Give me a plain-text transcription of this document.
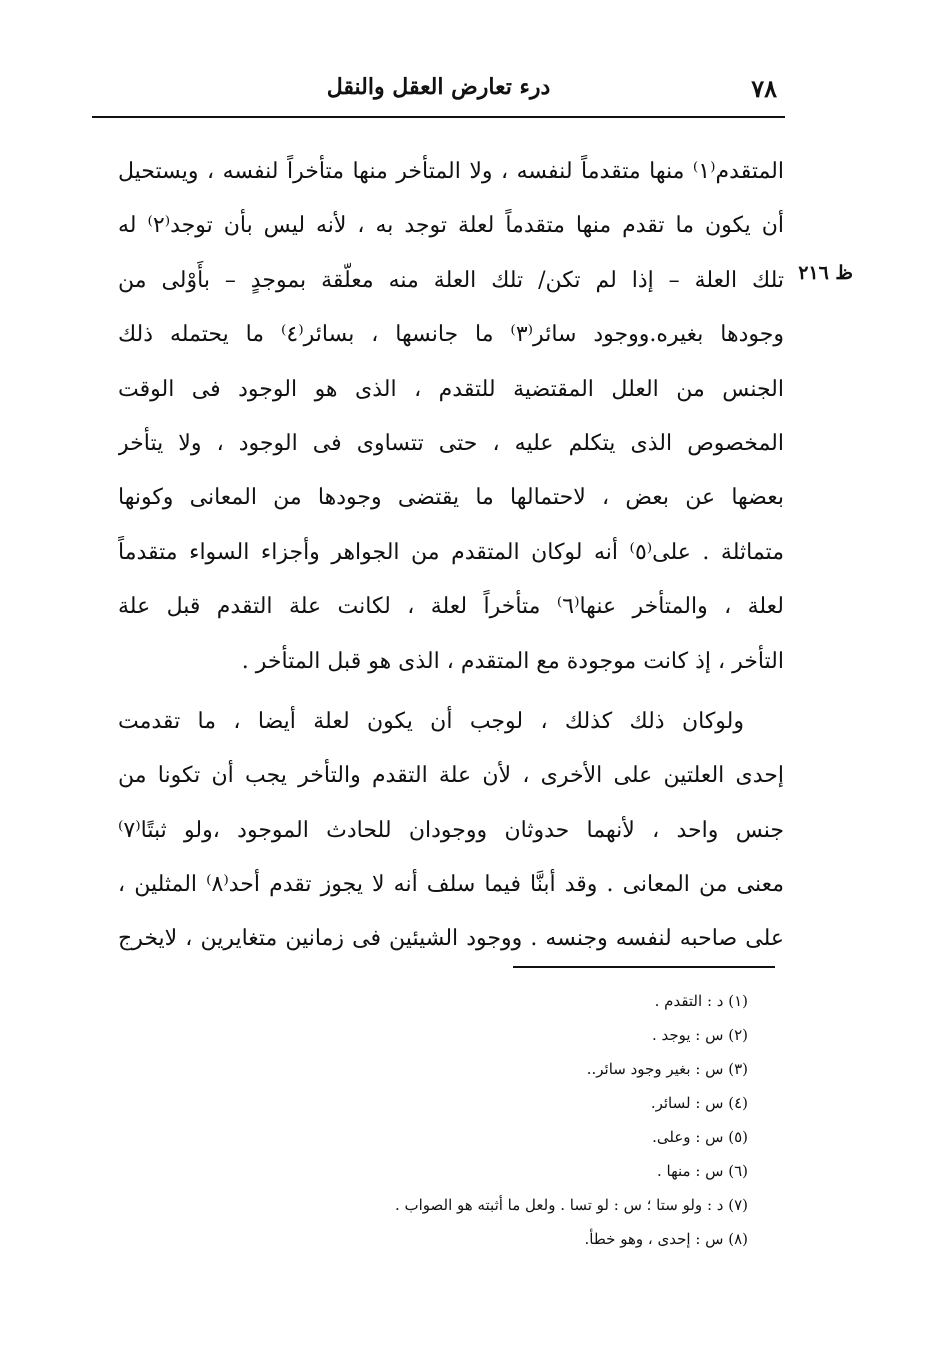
٧٨
درء تعارض العقل والنقل
ظ ٢١٦
المتقدم⁽١⁾ منها متقدماً لنفسه ، ولا المتأخر منها متأخراً لنفسه ، ويستحيل
أن يكون ما تقدم منها متقدماً لعلة توجد به ، لأنه ليس بأن توجد⁽٢⁾ له
تلك العلة – إذا لم تكن/ تلك العلة منه معلّقة بموجدٍ – بأَوْلى من
وجودها بغيره.ووجود سائر⁽٣⁾ ما جانسها ، بسائر⁽٤⁾ ما يحتمله ذلك
الجنس من العلل المقتضية للتقدم ، الذى هو الوجود فى الوقت
المخصوص الذى يتكلم عليه ، حتى تتساوى فى الوجود ، ولا يتأخر
بعضها عن بعض ، لاحتمالها ما يقتضى وجودها من المعانى وكونها
متماثلة . على⁽٥⁾ أنه لوكان المتقدم من الجواهر وأجزاء السواء متقدماً
لعلة ، والمتأخر عنها⁽٦⁾ متأخراً لعلة ، لكانت علة التقدم قبل علة
التأخر ، إذ كانت موجودة مع المتقدم ، الذى هو قبل المتأخر .
ولوكان ذلك كذلك ، لوجب أن يكون لعلة أيضا ، ما تقدمت
إحدى العلتين على الأخرى ، لأن علة التقدم والتأخر يجب أن تكونا من
جنس واحد ، لأنهما حدوثان ووجودان للحادث الموجود ،ولو ثبتًا⁽٧⁾
معنى من المعانى . وقد أبنَّا فيما سلف أنه لا يجوز تقدم أحد⁽٨⁾ المثلين ،
على صاحبه لنفسه وجنسه . ووجود الشيئين فى زمانين متغايرين ، لايخرج
(١) د : التقدم .
(٢) س : يوجد .
(٣) س : بغير وجود سائر..
(٤) س : لسائر.
(٥) س : وعلى.
(٦) س : منها .
(٧) د : ولو ستا ؛ س : لو تسا . ولعل ما أثبته هو الصواب .
(٨) س : إحدى ، وهو خطأ.
